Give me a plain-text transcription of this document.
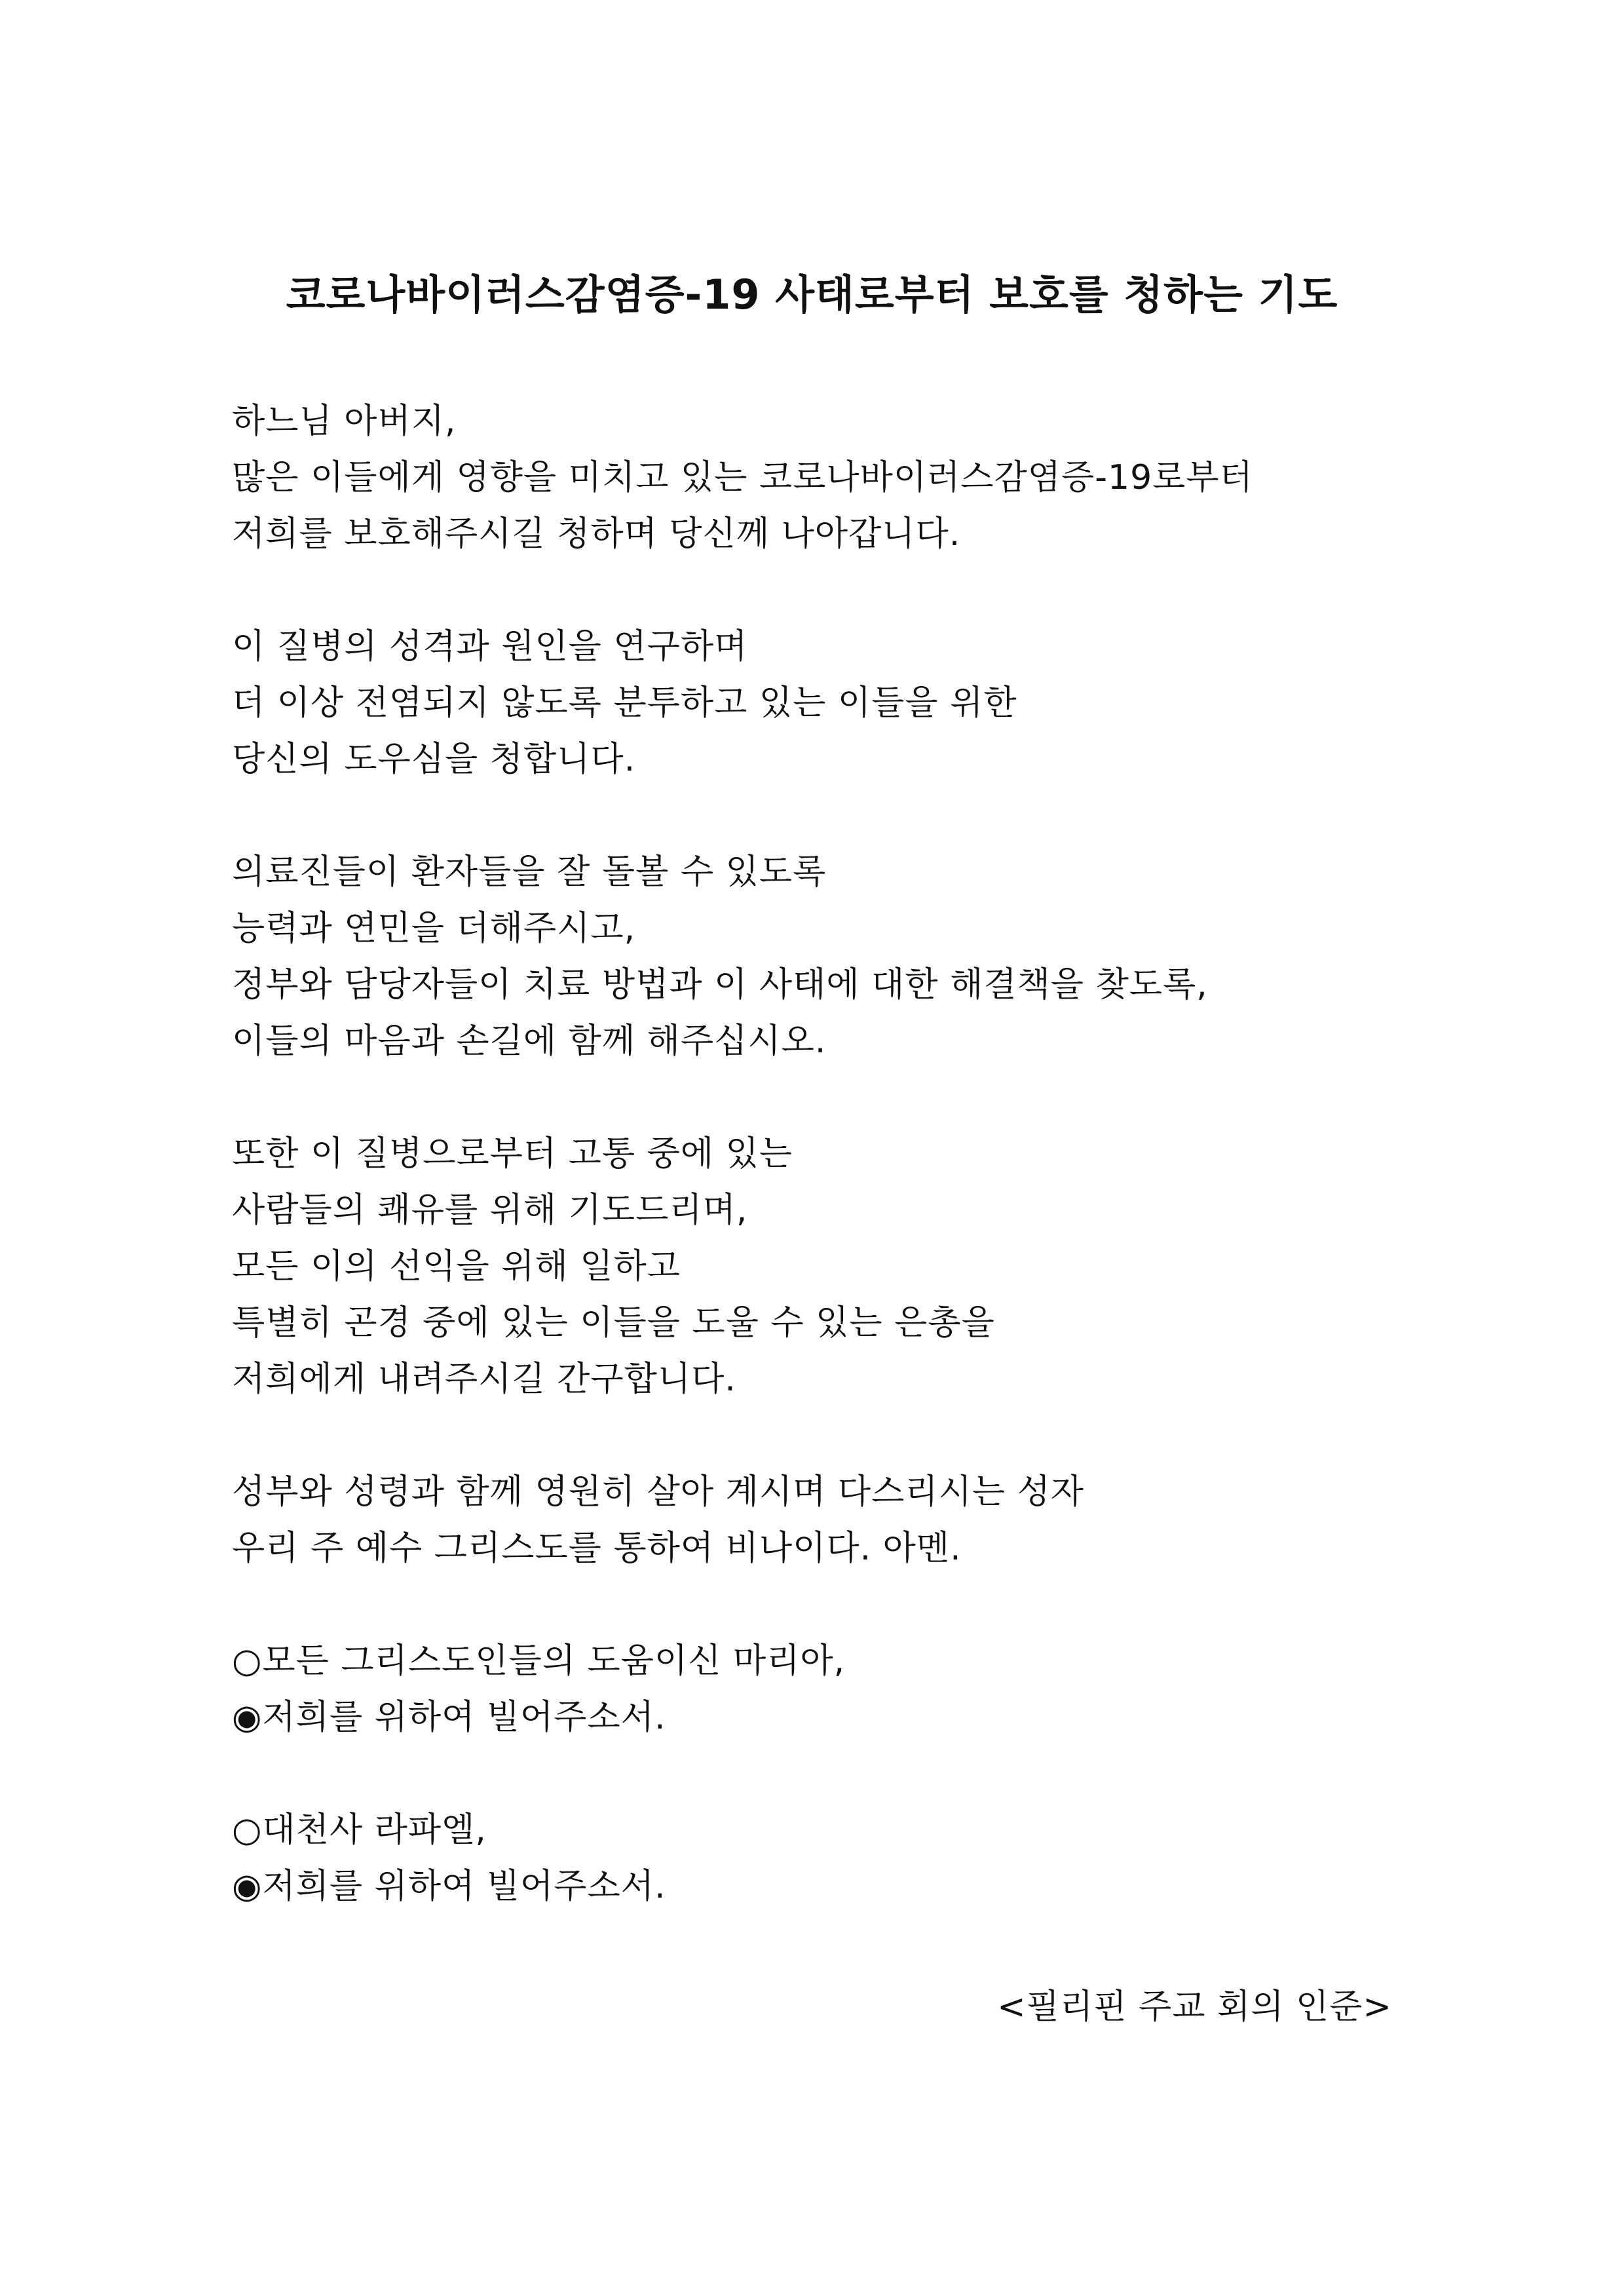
코로나바이러스감염증-19 사태로부터 보호를 청하는 기도
하느님 아버지,
많은 이들에게 영향을 미치고 있는 코로나바이러스감염증-19로부터
저희를 보호해주시길 청하며 당신께 나아갑니다.
이 질병의 성격과 원인을 연구하며
더 이상 전염되지 않도록 분투하고 있는 이들을 위한
당신의 도우심을 청합니다.
의료진들이 환자들을 잘 돌볼 수 있도록
능력과 연민을 더해주시고,
정부와 담당자들이 치료 방법과 이 사태에 대한 해결책을 찾도록,
이들의 마음과 손길에 함께 해주십시오.
또한 이 질병으로부터 고통 중에 있는
사람들의 쾌유를 위해 기도드리며,
모든 이의 선익을 위해 일하고
특별히 곤경 중에 있는 이들을 도울 수 있는 은총을
저희에게 내려주시길 간구합니다.
성부와 성령과 함께 영원히 살아 계시며 다스리시는 성자
우리 주 예수 그리스도를 통하여 비나이다. 아멘.
○모든 그리스도인들의 도움이신 마리아,
◉저희를 위하여 빌어주소서.
○대천사 라파엘,
◉저희를 위하여 빌어주소서.
<필리핀 주교 회의 인준>
